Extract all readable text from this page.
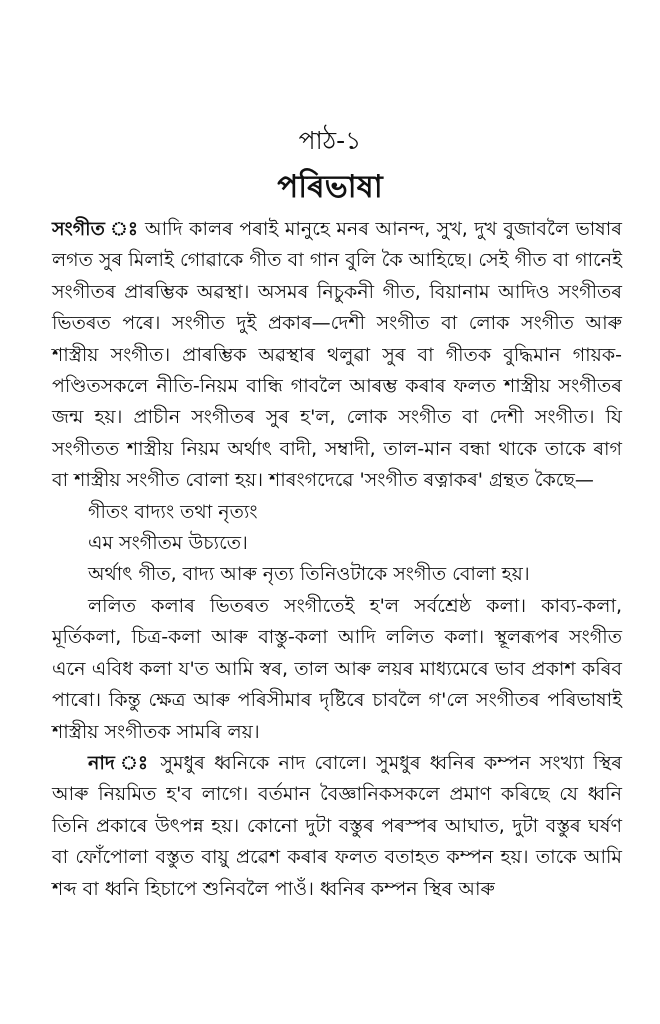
পাঠ-১
পৰিভাষা

সংগীত ঃ আদি কালৰ পৰাই মানুহে মনৰ আনন্দ, সুখ, দুখ বুজাবলৈ ভাষাৰ লগত সুৰ মিলাই গোৱাকে গীত বা গান বুলি কৈ আহিছে। সেই গীত বা গানেই সংগীতৰ প্ৰাৰম্ভিক অৱস্থা। অসমৰ নিচুকনী গীত, বিয়ানাম আদিও সংগীতৰ ভিতৰত পৰে। সংগীত দুই প্ৰকাৰ—দেশী সংগীত বা লোক সংগীত আৰু শাস্ত্ৰীয় সংগীত। প্ৰাৰম্ভিক অৱস্থাৰ থলুৱা সুৰ বা গীতক বুদ্ধিমান গায়ক-পণ্ডিতসকলে নীতি-নিয়ম বান্ধি গাবলৈ আৰম্ভ কৰাৰ ফলত শাস্ত্ৰীয় সংগীতৰ জন্ম হয়। প্ৰাচীন সংগীতৰ সুৰ হ'ল, লোক সংগীত বা দেশী সংগীত। যি সংগীতত শাস্ত্ৰীয় নিয়ম অৰ্থাৎ বাদী, সম্বাদী, তাল-মান বন্ধা থাকে তাকে ৰাগ বা শাস্ত্ৰীয় সংগীত বোলা হয়। শাৰংগদেৱে 'সংগীত ৰত্নাকৰ' গ্ৰন্থত কৈছে—

গীতং বাদ্যং তথা নৃত্যং

এম সংগীতম উচ্যতে।

অৰ্থাৎ গীত, বাদ্য আৰু নৃত্য তিনিওটাকে সংগীত বোলা হয়।

ললিত কলাৰ ভিতৰত সংগীতেই হ'ল সৰ্বশ্ৰেষ্ঠ কলা। কাব্য-কলা, মূৰ্তিকলা, চিত্ৰ-কলা আৰু বাস্তু-কলা আদি ললিত কলা। স্থূলৰূপৰ সংগীত এনে এবিধ কলা য'ত আমি স্বৰ, তাল আৰু লয়ৰ মাধ্যমেৰে ভাব প্ৰকাশ কৰিব পাৰো। কিন্তু ক্ষেত্ৰ আৰু পৰিসীমাৰ দৃষ্টিৰে চাবলৈ গ'লে সংগীতৰ পৰিভাষাই শাস্ত্ৰীয় সংগীতক সামৰি লয়।

নাদ ঃ সুমধুৰ ধ্বনিকে নাদ বোলে। সুমধুৰ ধ্বনিৰ কম্পন সংখ্যা স্থিৰ আৰু নিয়মিত হ'ব লাগে। বৰ্তমান বৈজ্ঞানিকসকলে প্ৰমাণ কৰিছে যে ধ্বনি তিনি প্ৰকাৰে উৎপন্ন হয়। কোনো দুটা বস্তুৰ পৰস্পৰ আঘাত, দুটা বস্তুৰ ঘৰ্ষণ বা ফোঁপোলা বস্তুত বায়ু প্ৰৱেশ কৰাৰ ফলত বতাহত কম্পন হয়। তাকে আমি শব্দ বা ধ্বনি হিচাপে শুনিবলৈ পাওঁ। ধ্বনিৰ কম্পন স্থিৰ আৰু
